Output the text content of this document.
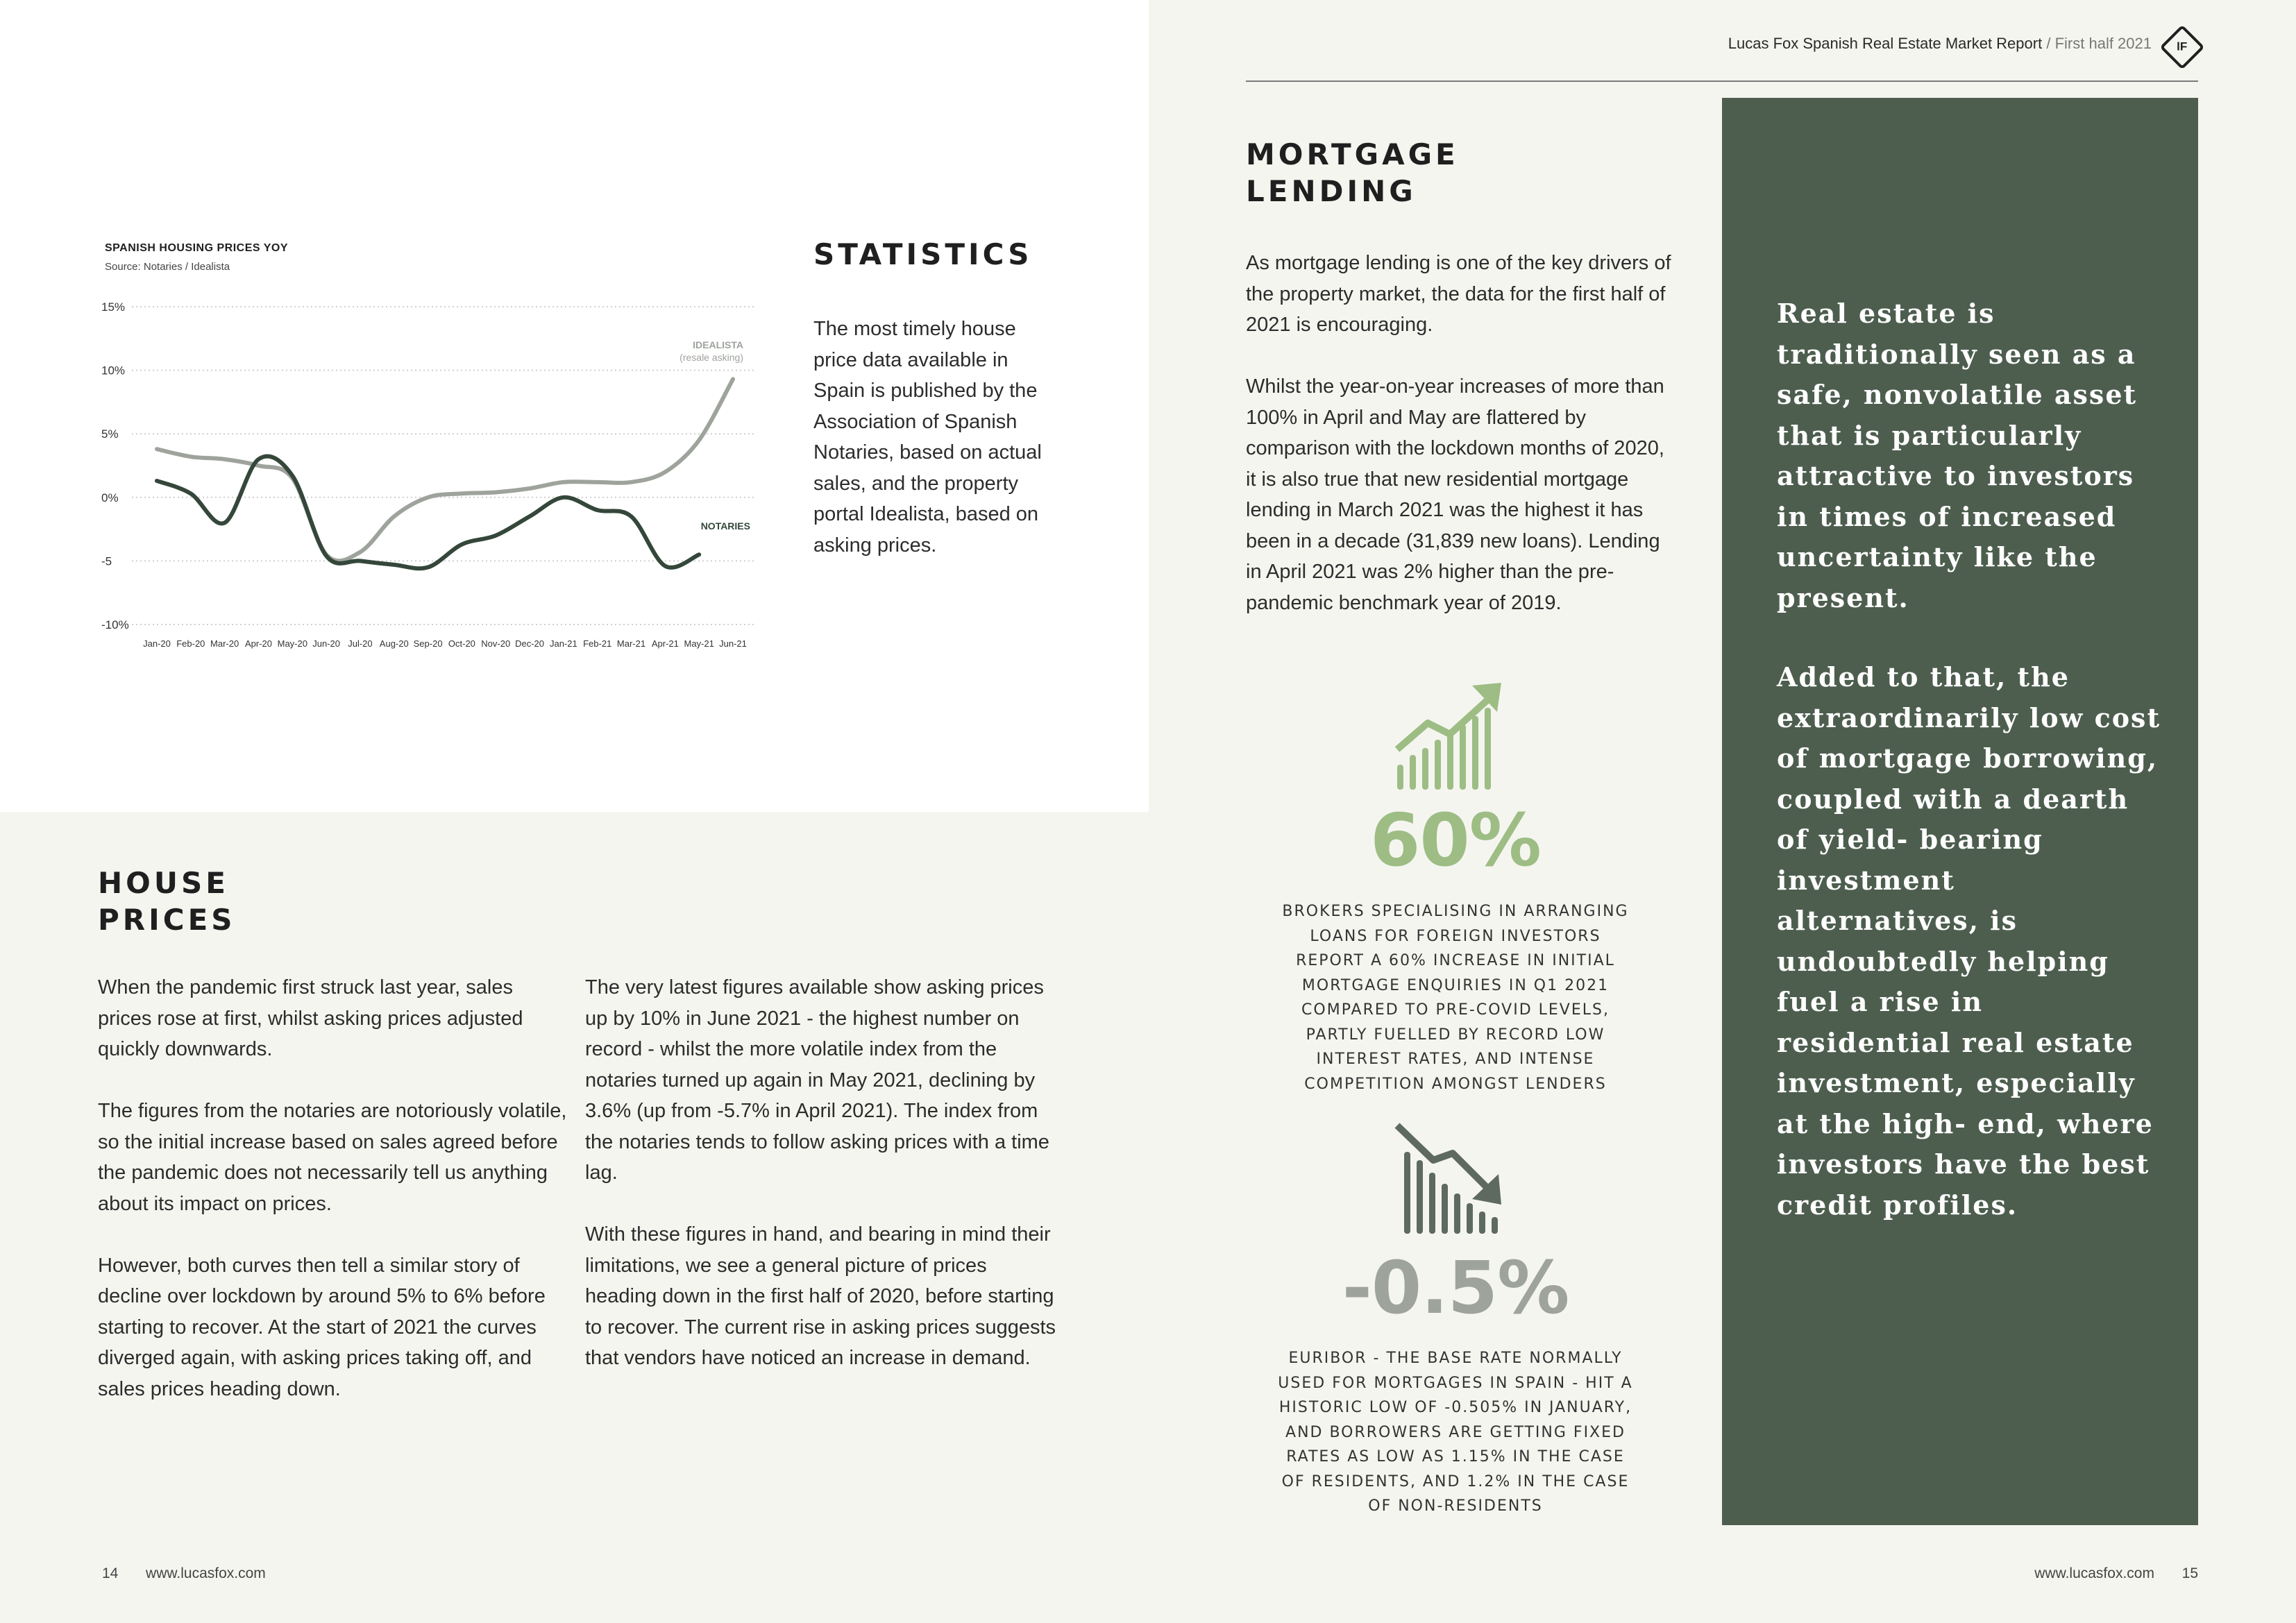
Lucas Fox Spanish Real Estate Market Report / First half 2021 lF
SPANISH HOUSING PRICES YOY
Source: Notaries / Idealista
15%
10%
5%
0%
-5
-10%
Jan-20 Feb-20 Mar-20 Apr-20 May-20 Jun-20 Jul-20 Aug-20 Sep-20 Oct-20 Nov-20 Dec-20 Jan-21 Feb-21 Mar-21 Apr-21 May-21 Jun-21
IDEALISTA
(resale asking)
NOTARIES
STATISTICS

The most timely house price data available in Spain is published by the Association of Spanish Notaries, based on actual sales, and the property portal Idealista, based on asking prices.

HOUSE
PRICES

When the pandemic first struck last year, sales prices rose at first, whilst asking prices adjusted quickly downwards.

The figures from the notaries are notoriously volatile, so the initial increase based on sales agreed before the pandemic does not necessarily tell us anything about its impact on prices.

However, both curves then tell a similar story of decline over lockdown by around 5% to 6% before starting to recover. At the start of 2021 the curves diverged again, with asking prices taking off, and sales prices heading down.

The very latest figures available show asking prices up by 10% in June 2021 - the highest number on record - whilst the more volatile index from the notaries turned up again in May 2021, declining by 3.6% (up from -5.7% in April 2021). The index from the notaries tends to follow asking prices with a time lag.

With these figures in hand, and bearing in mind their limitations, we see a general picture of prices heading down in the first half of 2020, before starting to recover. The current rise in asking prices suggests that vendors have noticed an increase in demand.

MORTGAGE
LENDING

As mortgage lending is one of the key drivers of the property market, the data for the first half of 2021 is encouraging.

Whilst the year-on-year increases of more than 100% in April and May are flattered by comparison with the lockdown months of 2020, it is also true that new residential mortgage lending in March 2021 was the highest it has been in a decade (31,839 new loans). Lending in April 2021 was 2% higher than the pre-pandemic benchmark year of 2019.

60%
BROKERS SPECIALISING IN ARRANGING LOANS FOR FOREIGN INVESTORS REPORT A 60% INCREASE IN INITIAL MORTGAGE ENQUIRIES IN Q1 2021 COMPARED TO PRE-COVID LEVELS, PARTLY FUELLED BY RECORD LOW INTEREST RATES, AND INTENSE COMPETITION AMONGST LENDERS
-0.5%
EURIBOR - THE BASE RATE NORMALLY USED FOR MORTGAGES IN SPAIN - HIT A HISTORIC LOW OF -0.505% IN JANUARY, AND BORROWERS ARE GETTING FIXED RATES AS LOW AS 1.15% IN THE CASE OF RESIDENTS, AND 1.2% IN THE CASE OF NON-RESIDENTS

Real estate is traditionally seen as a safe, nonvolatile asset that is particularly attractive to investors in times of increased uncertainty like the present.

Added to that, the extraordinarily low cost of mortgage borrowing, coupled with a dearth of yield- bearing investment alternatives, is undoubtedly helping fuel a rise in residential real estate investment, especially at the high- end, where investors have the best credit profiles.

14 www.lucasfox.com	www.lucasfox.com 15
